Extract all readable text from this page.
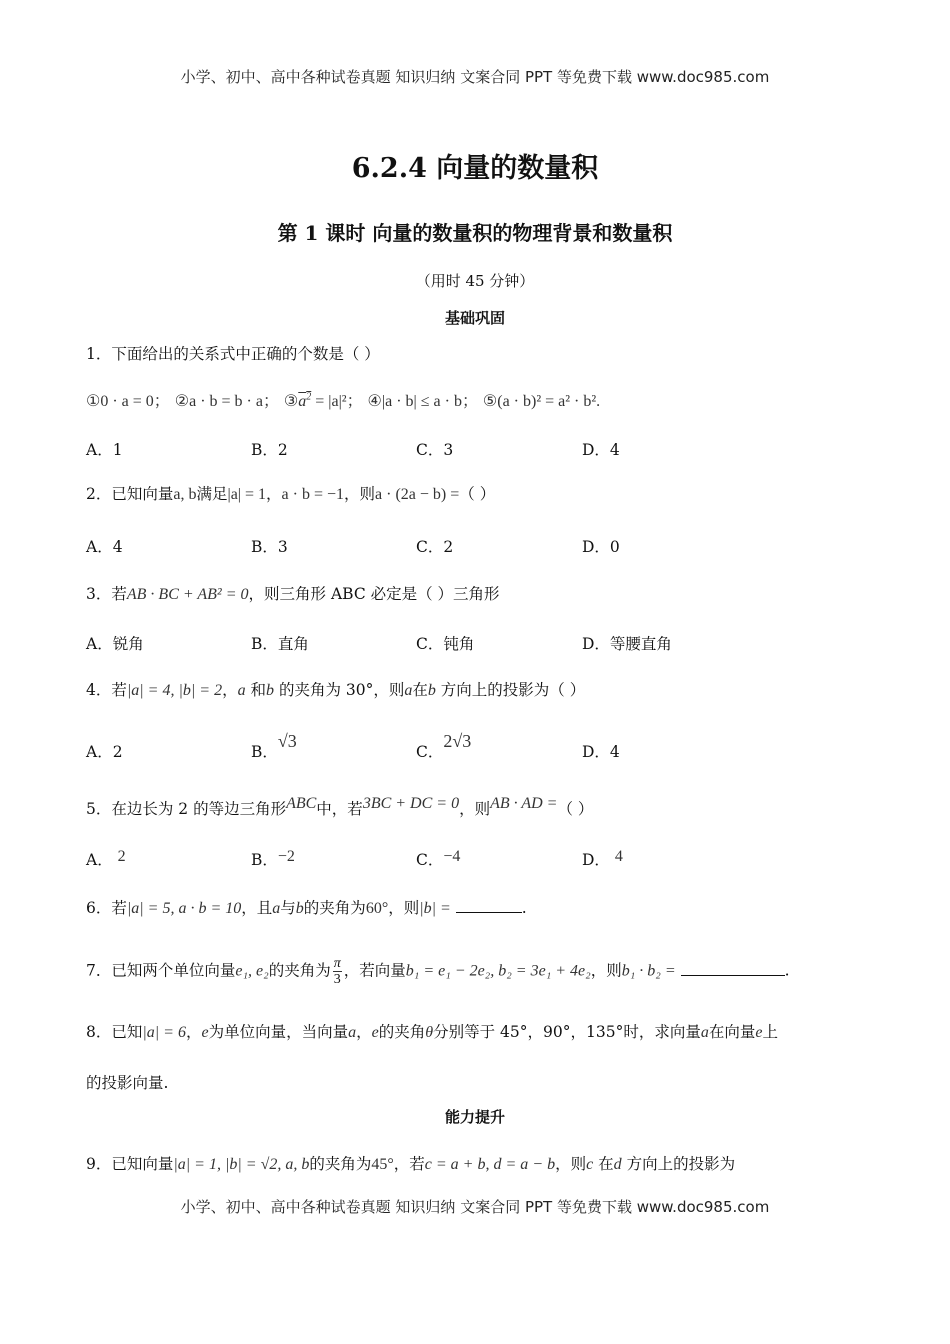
小学、初中、高中各种试卷真题 知识归纳 文案合同 PPT 等免费下载 www.doc985.com
6.2.4 向量的数量积
第 1 课时 向量的数量积的物理背景和数量积
（用时 45 分钟）
基础巩固
1．下面给出的关系式中正确的个数是（ ）
①0 · a = 0； ②a · b = b · a； $③a^2 = |a|^2$； ④|a · b| ≤ a · b； ⑤(a · b)² = a² · b².
A．1	B．2	C．3	D．4
2．已知向量a, b满足|a| = 1，a · b = −1，则a · (2a − b) =（ ）
A．4	B．3	C．2	D．0
3．若AB · BC + AB² = 0，则三角形 ABC 必定是（ ）三角形
A．锐角	B．直角	C．钝角	D．等腰直角
4．若|a| = 4, |b| = 2，a 和b 的夹角为 30°，则a在b 方向上的投影为（ ）
A．2	B．√3
C．2√3
D．4
5．在边长为 2 的等边三角形ABC中，若3BC + DC = 0，则AB · AD =（ ）
A． 2	B．−2	C．−4	D． 4
6．若|a| = 5, a · b = 10，且a与b的夹角为60°，则|b| =	.
7．已知两个单位向量e₁, e₂的夹角为 $\frac{\pi}{3}$ ，若向量b₁ = e₁ − 2e₂, b₂ = 3e₁ + 4e₂，则b₁ · b₂ =	.
8．已知|a| = 6，e为单位向量，当向量a，e的夹角θ分别等于 45°，90°，135°时，求向量a在向量e上
的投影向量.
能力提升
9．已知向量|a| = 1, |b| = √2, a, b的夹角为45°，若c = a + b, d = a − b，则c 在d 方向上的投影为
小学、初中、高中各种试卷真题 知识归纳 文案合同 PPT 等免费下载 www.doc985.com
